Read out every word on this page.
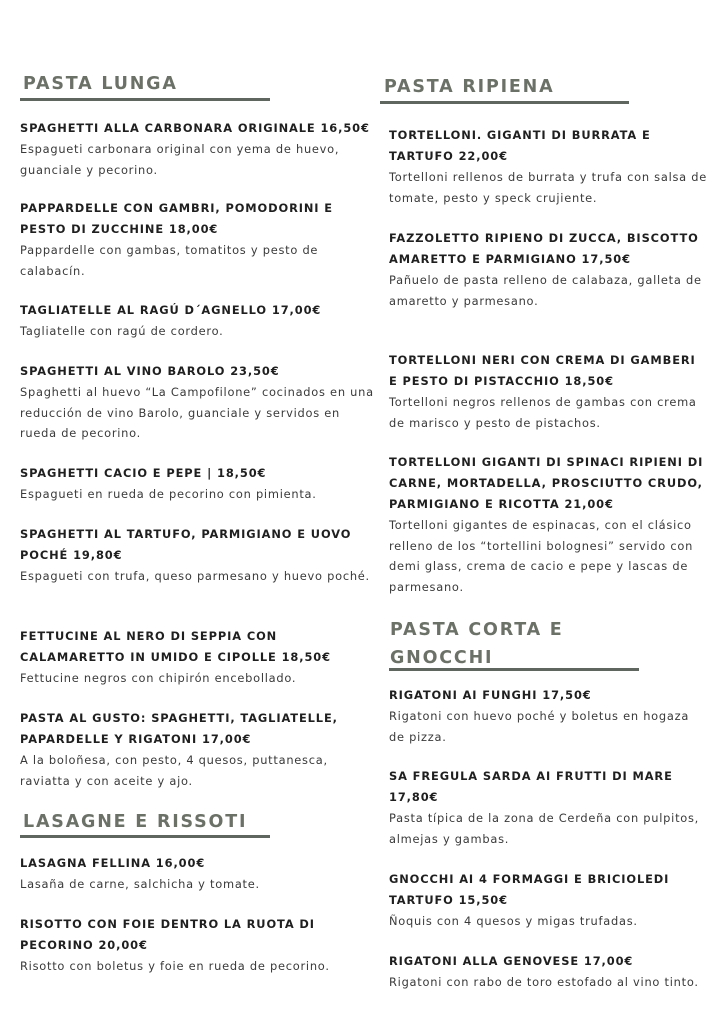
PASTA LUNGA
SPAGHETTI ALLA CARBONARA ORIGINALE 16,50€
Espagueti carbonara original con yema de huevo, guanciale y pecorino.
PAPPARDELLE CON GAMBRI, POMODORINI E PESTO DI ZUCCHINE 18,00€
Pappardelle con gambas, tomatitos y pesto de calabacín.
TAGLIATELLE AL RAGÚ D´AGNELLO 17,00€
Tagliatelle con ragú de cordero.
SPAGHETTI AL VINO BAROLO 23,50€
Spaghetti al huevo “La Campofilone” cocinados en una reducción de vino Barolo, guanciale y servidos en rueda de pecorino.
SPAGHETTI CACIO E PEPE | 18,50€
Espagueti en rueda de pecorino con pimienta.
SPAGHETTI AL TARTUFO, PARMIGIANO E UOVO POCHÉ 19,80€
Espagueti con trufa, queso parmesano y huevo poché.
FETTUCINE AL NERO DI SEPPIA CON CALAMARETTO IN UMIDO E CIPOLLE 18,50€
Fettucine negros con chipirón encebollado.
PASTA AL GUSTO: SPAGHETTI, TAGLIATELLE, PAPARDELLE Y RIGATONI 17,00€
A la boloñesa, con pesto, 4 quesos, puttanesca, raviatta y con aceite y ajo.
LASAGNE E RISSOTI
LASAGNA FELLINA 16,00€
Lasaña de carne, salchicha y tomate.
RISOTTO CON FOIE DENTRO LA RUOTA DI PECORINO 20,00€
Risotto con boletus y foie en rueda de pecorino.
PASTA RIPIENA
TORTELLONI. GIGANTI DI BURRATA E TARTUFO 22,00€
Tortelloni rellenos de burrata y trufa con salsa de tomate, pesto y speck crujiente.
FAZZOLETTO RIPIENO DI ZUCCA, BISCOTTO AMARETTO E PARMIGIANO 17,50€
Pañuelo de pasta relleno de calabaza, galleta de amaretto y parmesano.
TORTELLONI NERI CON CREMA DI GAMBERI E PESTO DI PISTACCHIO 18,50€
Tortelloni negros rellenos de gambas con crema de marisco y pesto de pistachos.
TORTELLONI GIGANTI DI SPINACI RIPIENI DI CARNE, MORTADELLA, PROSCIUTTO CRUDO, PARMIGIANO E RICOTTA 21,00€
Tortelloni gigantes de espinacas, con el clásico relleno de los “tortellini bolognesi” servido con demi glass, crema de cacio e pepe y lascas de parmesano.
PASTA CORTA E
GNOCCHI
RIGATONI AI FUNGHI 17,50€
Rigatoni con huevo poché y boletus en hogaza de pizza.
SA FREGULA SARDA AI FRUTTI DI MARE 17,80€
Pasta típica de la zona de Cerdeña con pulpitos, almejas y gambas.
GNOCCHI AI 4 FORMAGGI E BRICIOLEDI TARTUFO 15,50€
Ñoquis con 4 quesos y migas trufadas.
RIGATONI ALLA GENOVESE 17,00€
Rigatoni con rabo de toro estofado al vino tinto.
